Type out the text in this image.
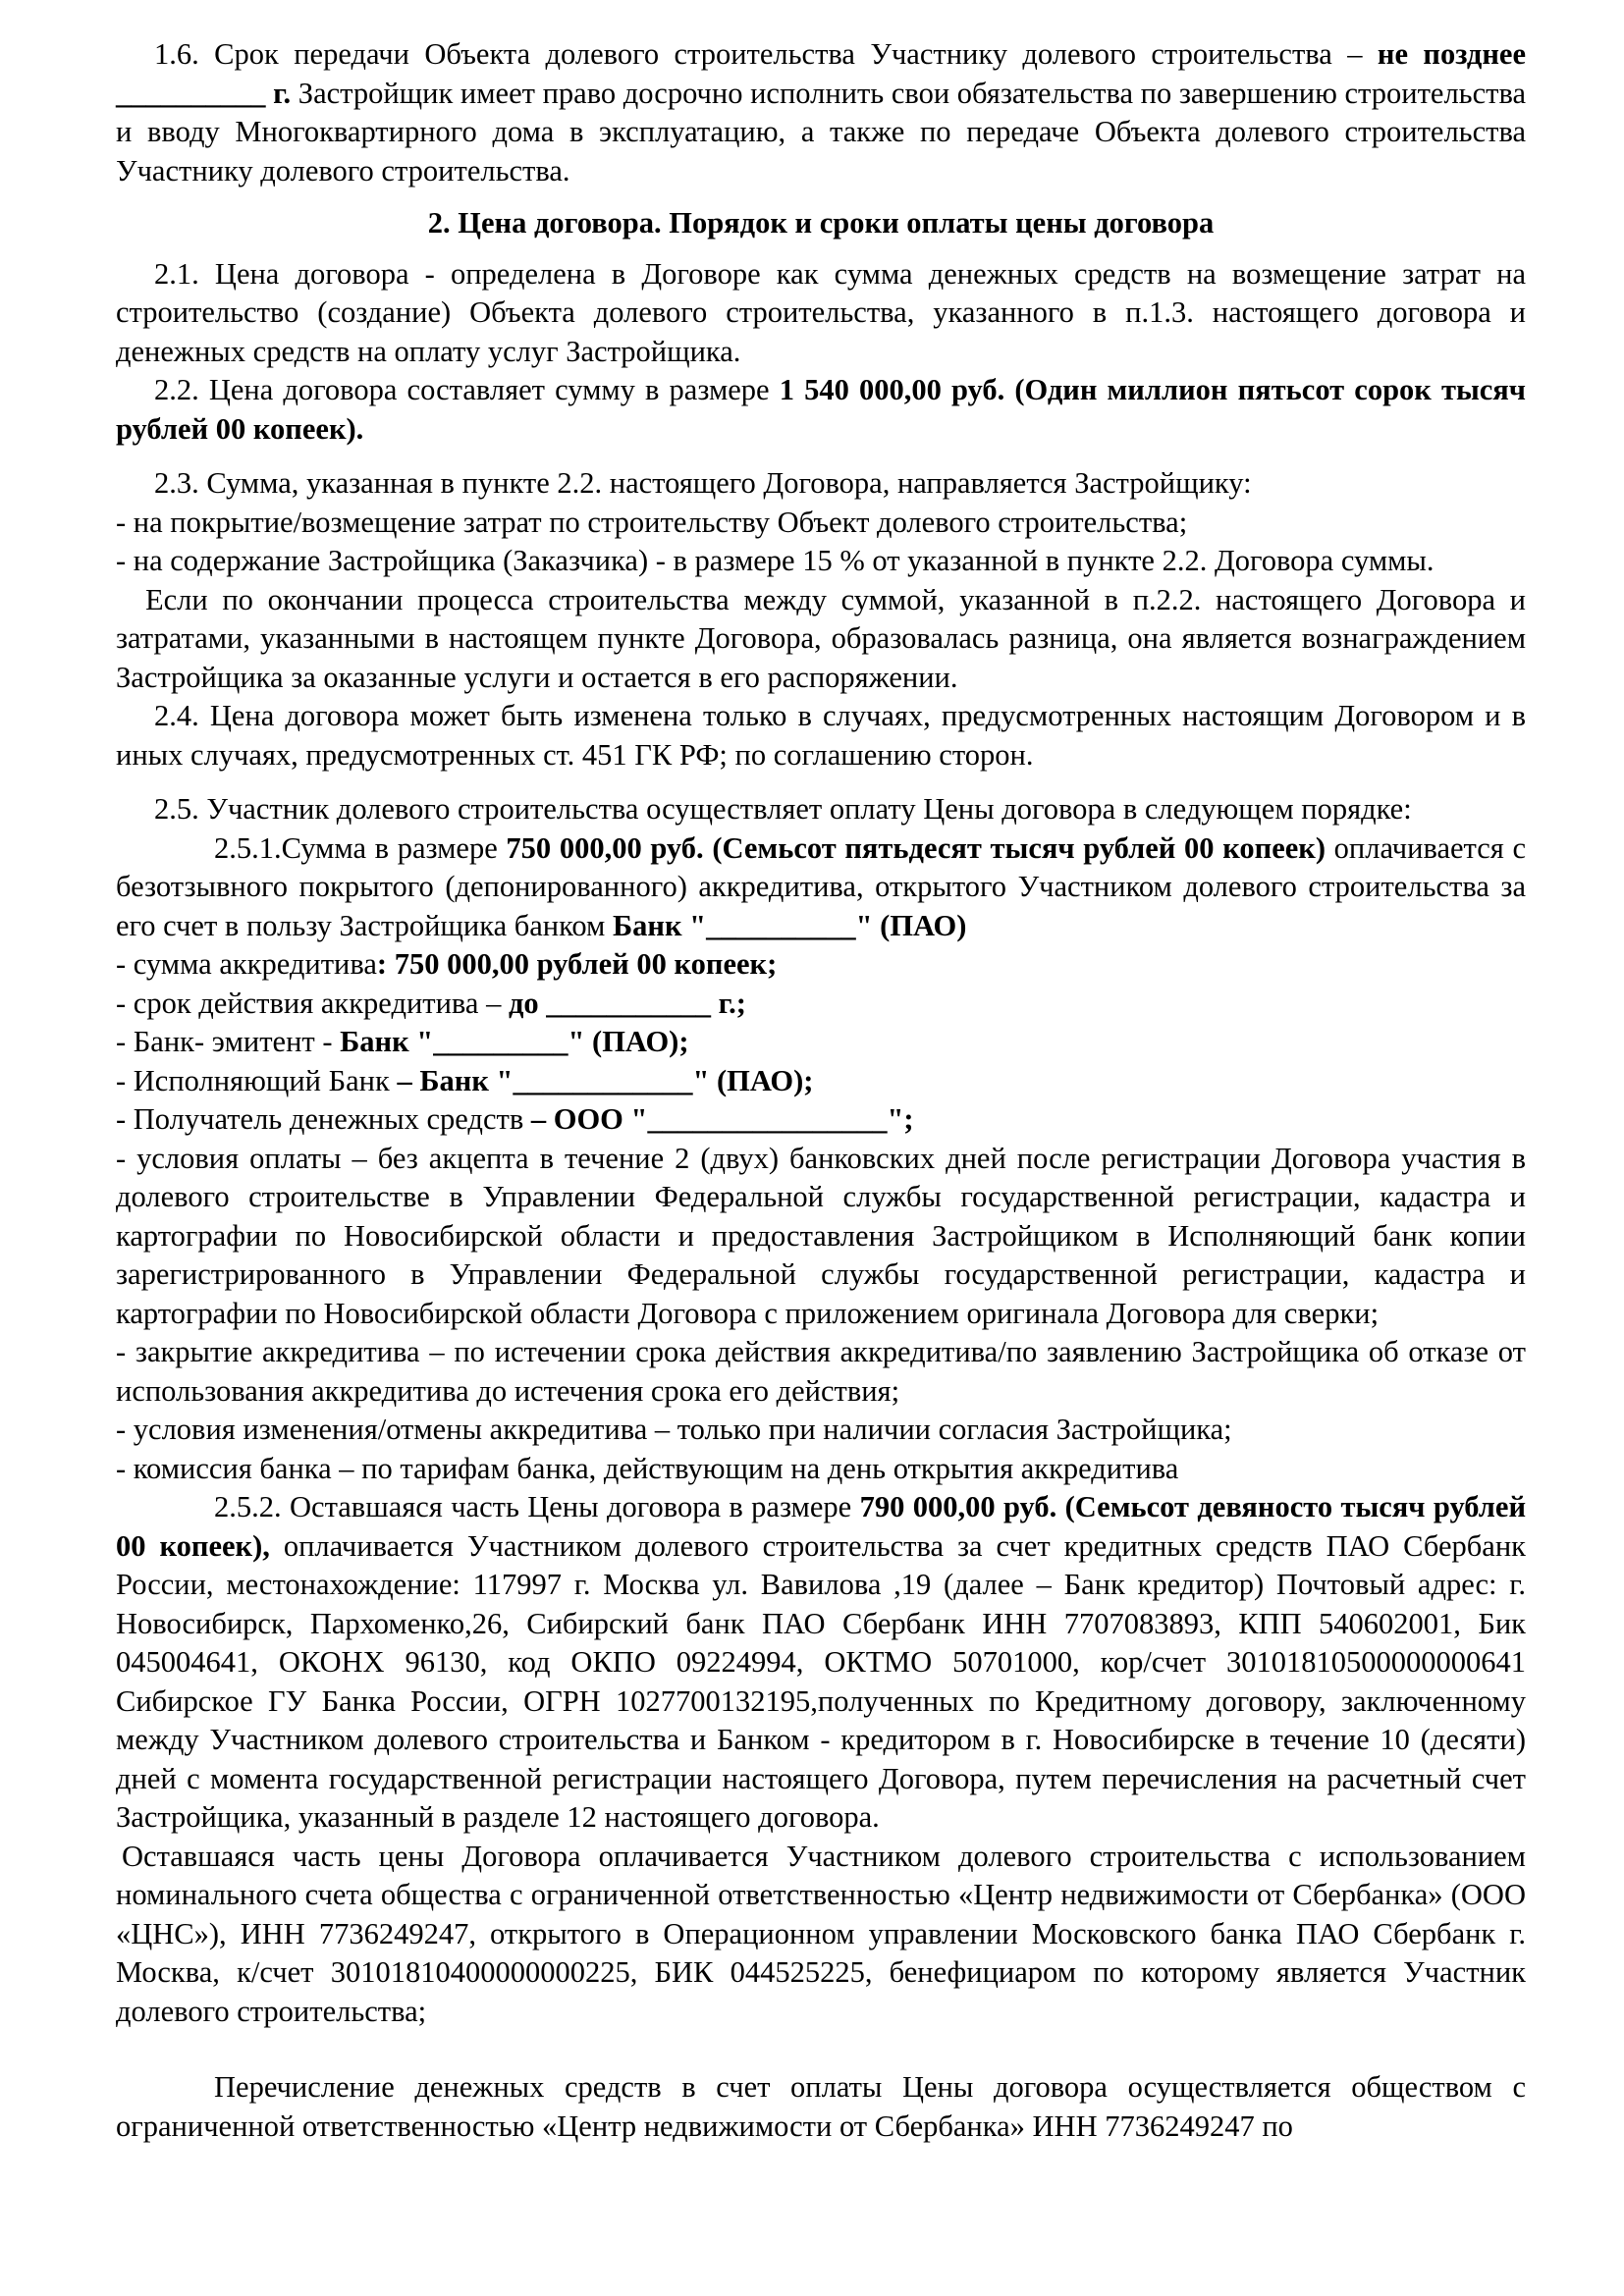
1.6. Срок передачи Объекта долевого строительства Участнику долевого строительства – не позднее __________ г. Застройщик имеет право досрочно исполнить свои обязательства по завершению строительства и вводу Многоквартирного дома в эксплуатацию, а также по передаче Объекта долевого строительства Участнику долевого строительства.

2. Цена договора. Порядок и сроки оплаты цены договора

2.1. Цена договора - определена в Договоре как сумма денежных средств на возмещение затрат на строительство (создание) Объекта долевого строительства, указанного в п.1.3. настоящего договора и денежных средств на оплату услуг Застройщика.

2.2. Цена договора составляет сумму в размере 1 540 000,00 руб. (Один миллион пятьсот сорок тысяч рублей 00 копеек).

2.3. Сумма, указанная в пункте 2.2. настоящего Договора, направляется Застройщику:

- на покрытие/возмещение затрат по строительству Объект долевого строительства;

- на содержание Застройщика (Заказчика) - в размере 15 % от указанной в пункте 2.2. Договора суммы.

Если по окончании процесса строительства между суммой, указанной в п.2.2. настоящего Договора и затратами, указанными в настоящем пункте Договора, образовалась разница, она является вознаграждением Застройщика за оказанные услуги и остается в его распоряжении.

2.4. Цена договора может быть изменена только в случаях, предусмотренных настоящим Договором и в иных случаях, предусмотренных ст. 451 ГК РФ; по соглашению сторон.

2.5. Участник долевого строительства осуществляет оплату Цены договора в следующем порядке:

2.5.1.Сумма в размере 750 000,00 руб. (Семьсот пятьдесят тысяч рублей 00 копеек) оплачивается с безотзывного покрытого (депонированного) аккредитива, открытого Участником долевого строительства за его счет в пользу Застройщика банком Банк "__________" (ПАО)

- сумма аккредитива: 750 000,00 рублей 00 копеек;

- срок действия аккредитива – до ___________ г.;

- Банк- эмитент - Банк "_________" (ПАО);

- Исполняющий Банк – Банк "____________" (ПАО);

- Получатель денежных средств – ООО "________________";

- условия оплаты – без акцепта в течение 2 (двух) банковских дней после регистрации Договора участия в долевого строительстве в Управлении Федеральной службы государственной регистрации, кадастра и картографии по Новосибирской области и предоставления Застройщиком в Исполняющий банк копии зарегистрированного в Управлении Федеральной службы государственной регистрации, кадастра и картографии по Новосибирской области Договора с приложением оригинала Договора для сверки;

- закрытие аккредитива – по истечении срока действия аккредитива/по заявлению Застройщика об отказе от использования аккредитива до истечения срока его действия;

- условия изменения/отмены аккредитива – только при наличии согласия Застройщика;

- комиссия банка – по тарифам банка, действующим на день открытия аккредитива

2.5.2. Оставшаяся часть Цены договора в размере 790 000,00 руб. (Семьсот девяносто тысяч рублей 00 копеек), оплачивается Участником долевого строительства за счет кредитных средств ПАО Сбербанк России, местонахождение: 117997 г. Москва ул. Вавилова ,19 (далее – Банк кредитор) Почтовый адрес: г. Новосибирск, Пархоменко,26, Сибирский банк ПАО Сбербанк ИНН 7707083893, КПП 540602001, Бик 045004641, ОКОНХ 96130, код ОКПО 09224994, ОКТМО 50701000, кор/счет 30101810500000000641 Сибирское ГУ Банка России, ОГРН 1027700132195,полученных по Кредитному договору, заключенному между Участником долевого строительства и Банком - кредитором в г. Новосибирске в течение 10 (десяти) дней с момента государственной регистрации настоящего Договора, путем перечисления на расчетный счет Застройщика, указанный в разделе 12 настоящего договора.

Оставшаяся часть цены Договора оплачивается Участником долевого строительства с использованием номинального счета общества с ограниченной ответственностью «Центр недвижимости от Сбербанка» (ООО «ЦНС»), ИНН 7736249247, открытого в Операционном управлении Московского банка ПАО Сбербанк г. Москва, к/счет 30101810400000000225, БИК 044525225, бенефициаром по которому является Участник долевого строительства;

Перечисление денежных средств в счет оплаты Цены договора осуществляется обществом с ограниченной ответственностью «Центр недвижимости от Сбербанка» ИНН 7736249247 по
